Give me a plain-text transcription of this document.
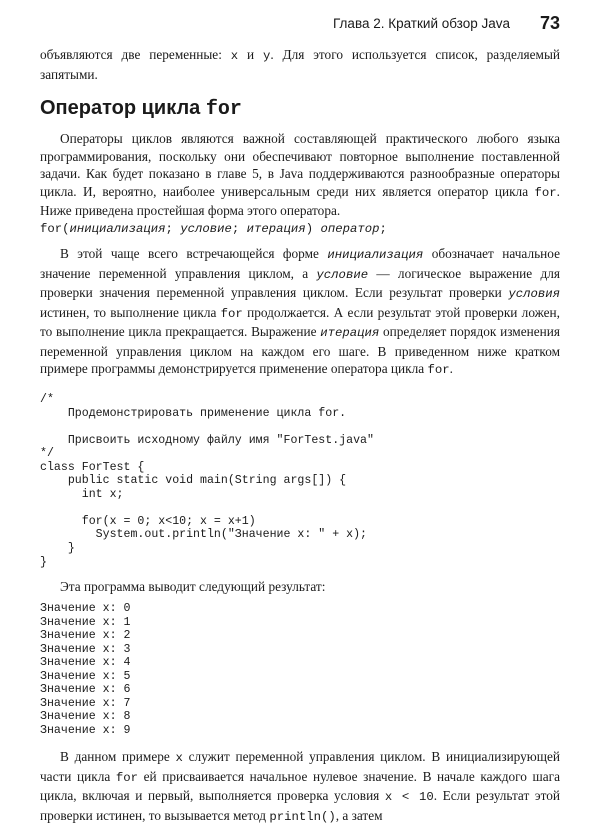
Глава 2. Краткий обзор Java 73

объявляются две переменные: x и y. Для этого используется список, разделяемый запятыми.

Оператор цикла for

Операторы циклов являются важной составляющей практического любого языка программирования, поскольку они обеспечивают повторное выполнение поставленной задачи. Как будет показано в главе 5, в Java поддерживаются разнообразные операторы цикла. И, вероятно, наиболее универсальным среди них является оператор цикла for. Ниже приведена простейшая форма этого оператора.

for(инициализация; условие; итерация) оператор;

В этой чаще всего встречающейся форме инициализация обозначает начальное значение переменной управления циклом, а условие — логическое выражение для проверки значения переменной управления циклом. Если результат проверки условия истинен, то выполнение цикла for продолжается. А если результат этой проверки ложен, то выполнение цикла прекращается. Выражение итерация определяет порядок изменения переменной управления циклом на каждом его шаге. В приведенном ниже кратком примере программы демонстрируется применение оператора цикла for.

/*
Продемонстрировать применение цикла for.

Присвоить исходному файлу имя "ForTest.java"
*/
class ForTest {
public static void main(String args[]) {
int x;

for(x = 0; x<10; x = x+1)
System.out.println("Значение x: " + x);
}
}

Эта программа выводит следующий результат:

Значение x: 0
Значение x: 1
Значение x: 2
Значение x: 3
Значение x: 4
Значение x: 5
Значение x: 6
Значение x: 7
Значение x: 8
Значение x: 9

В данном примере x служит переменной управления циклом. В инициализирующей части цикла for ей присваивается начальное нулевое значение. В начале каждого шага цикла, включая и первый, выполняется проверка условия x < 10. Если результат этой проверки истинен, то вызывается метод println(), а затем
